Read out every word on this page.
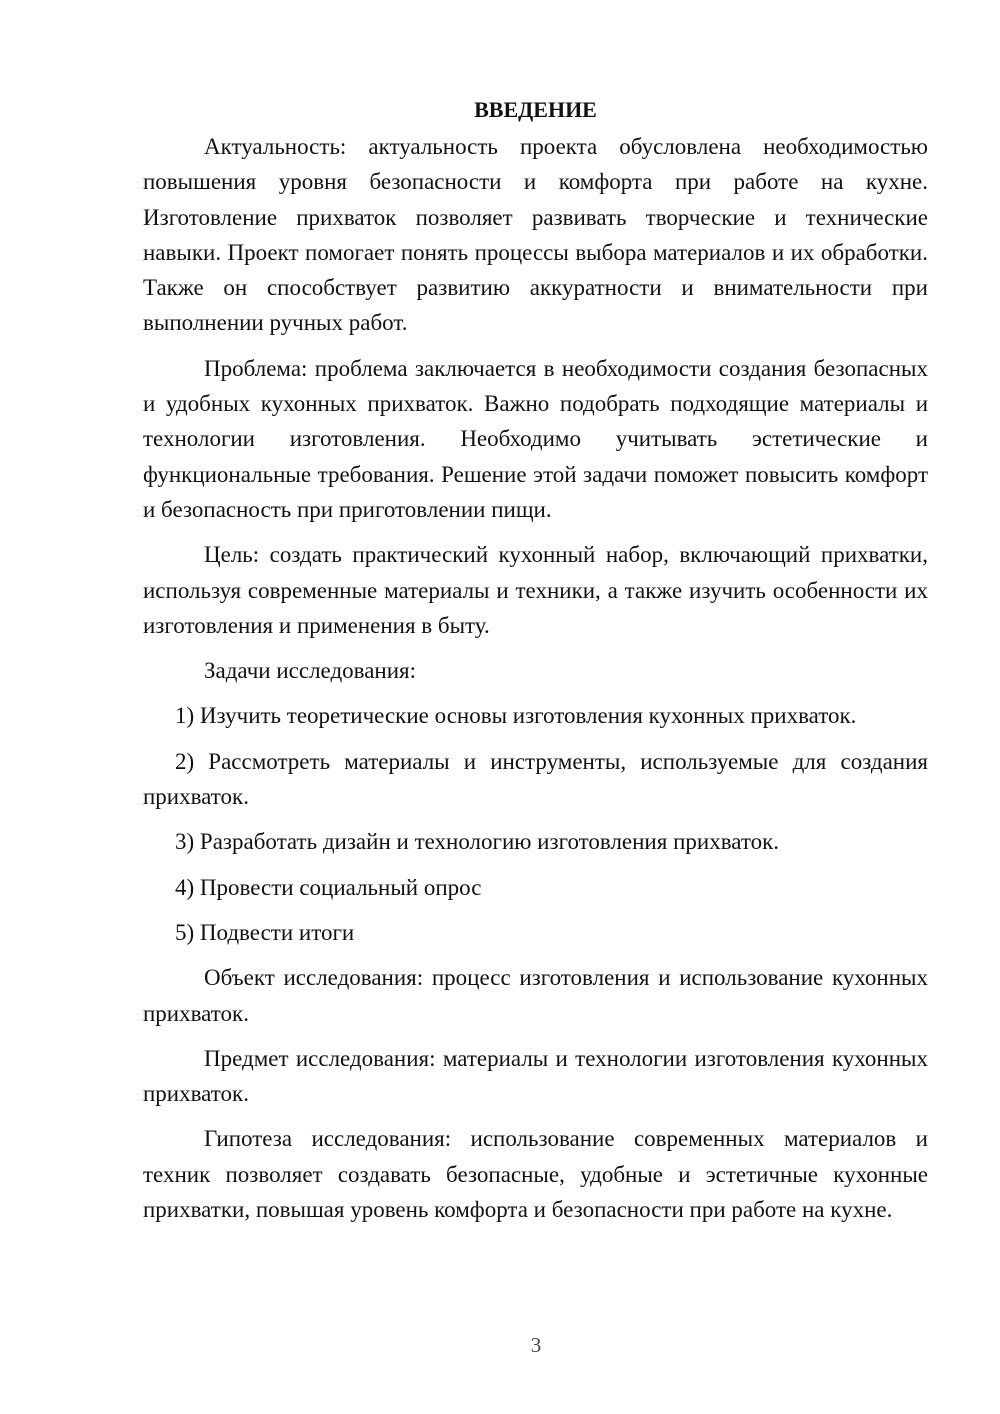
ВВЕДЕНИЕ

Актуальность: актуальность проекта обусловлена необходимостью повышения уровня безопасности и комфорта при работе на кухне. Изготовление прихваток позволяет развивать творческие и технические навыки. Проект помогает понять процессы выбора материалов и их обработки. Также он способствует развитию аккуратности и внимательности при выполнении ручных работ.

Проблема: проблема заключается в необходимости создания безопасных и удобных кухонных прихваток. Важно подобрать подходящие материалы и технологии изготовления. Необходимо учитывать эстетические и функциональные требования. Решение этой задачи поможет повысить комфорт и безопасность при приготовлении пищи.

Цель: создать практический кухонный набор, включающий прихватки, используя современные материалы и техники, а также изучить особенности их изготовления и применения в быту.

Задачи исследования:

1) Изучить теоретические основы изготовления кухонных прихваток.

2) Рассмотреть материалы и инструменты, используемые для создания прихваток.

3) Разработать дизайн и технологию изготовления прихваток.

4) Провести социальный опрос

5) Подвести итоги

Объект исследования: процесс изготовления и использование кухонных прихваток.

Предмет исследования: материалы и технологии изготовления кухонных прихваток.

Гипотеза исследования: использование современных материалов и техник позволяет создавать безопасные, удобные и эстетичные кухонные прихватки, повышая уровень комфорта и безопасности при работе на кухне.

3
